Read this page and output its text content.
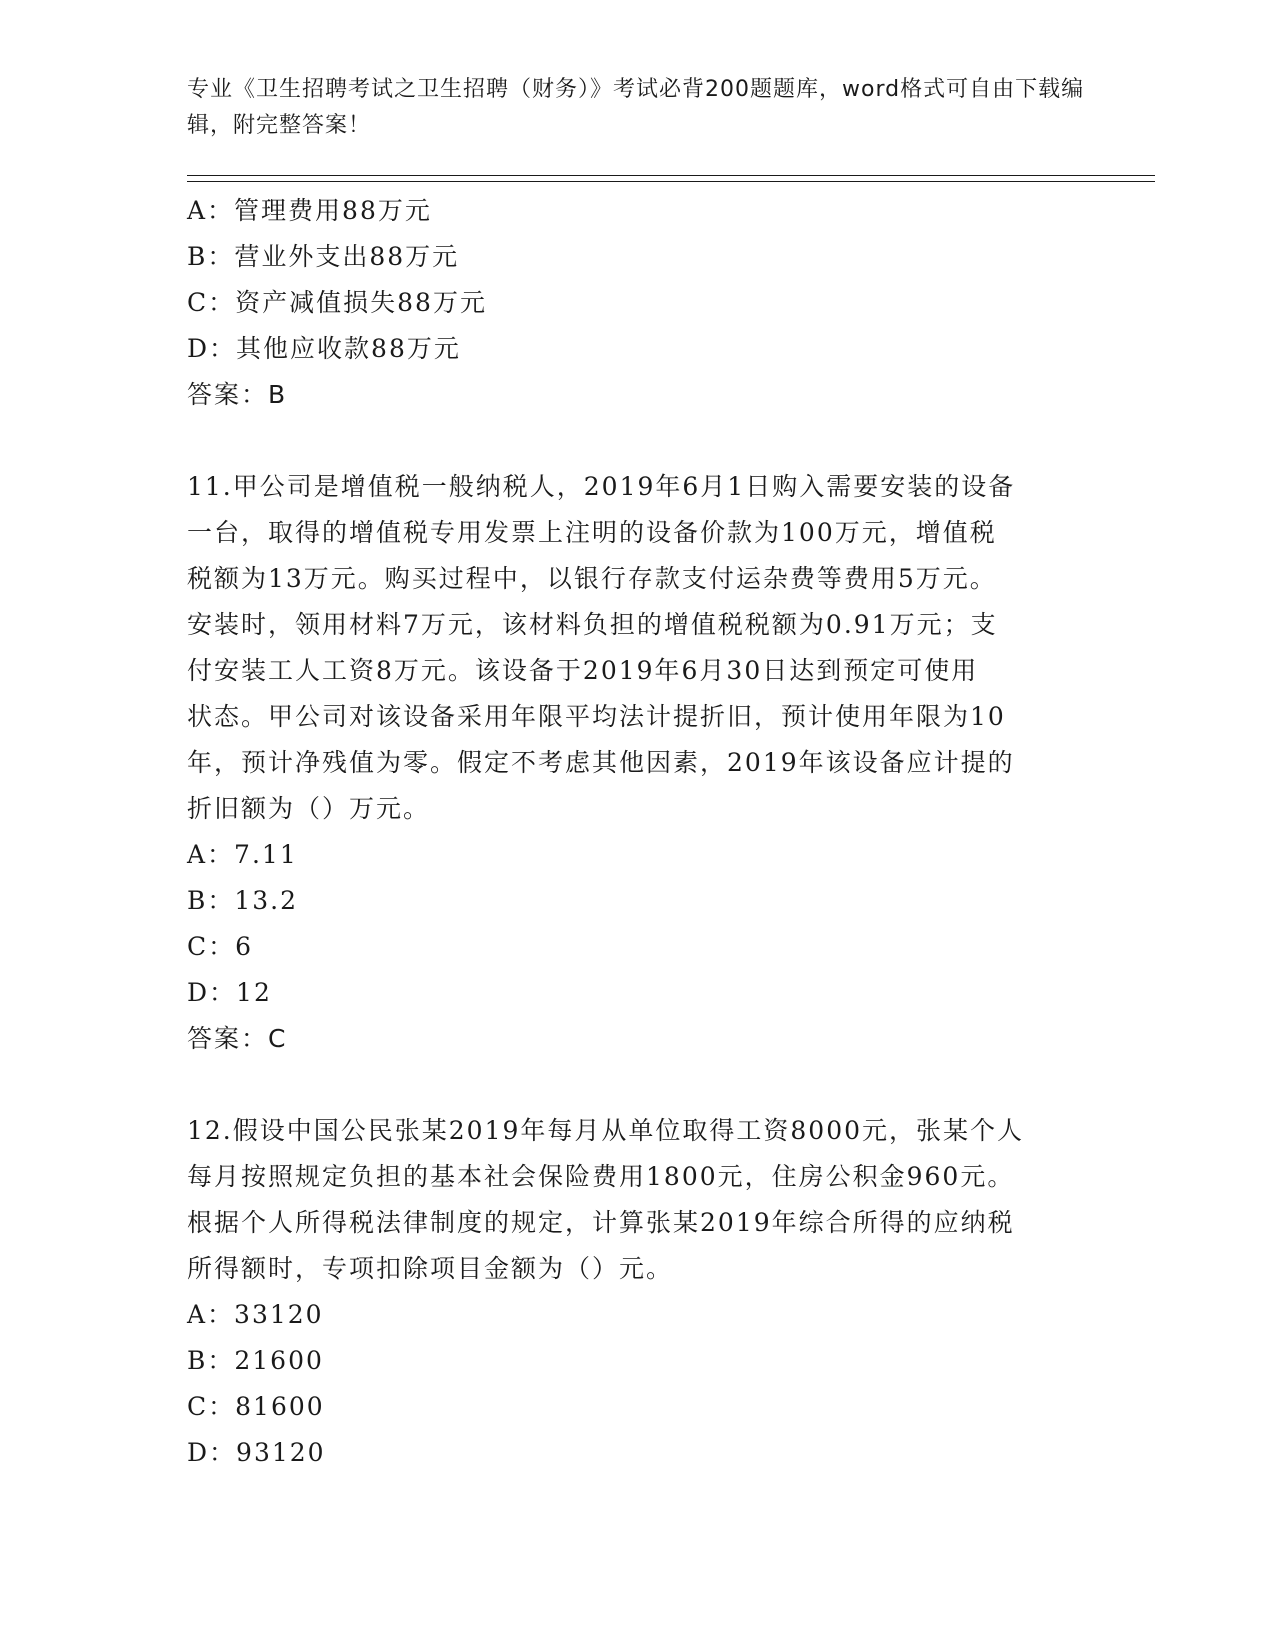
专业《卫生招聘考试之卫生招聘（财务）》考试必背200题题库，word格式可自由下载编辑，附完整答案！

A：管理费用88万元

B：营业外支出88万元

C：资产减值损失88万元

D：其他应收款88万元

答案：B

11.甲公司是增值税一般纳税人，2019年6月1日购入需要安装的设备

一台，取得的增值税专用发票上注明的设备价款为100万元，增值税

税额为13万元。购买过程中，以银行存款支付运杂费等费用5万元。

安装时，领用材料7万元，该材料负担的增值税税额为0.91万元；支

付安装工人工资8万元。该设备于2019年6月30日达到预定可使用

状态。甲公司对该设备采用年限平均法计提折旧，预计使用年限为10

年，预计净残值为零。假定不考虑其他因素，2019年该设备应计提的

折旧额为（）万元。

A：7.11

B：13.2

C：6

D：12

答案：C

12.假设中国公民张某2019年每月从单位取得工资8000元，张某个人

每月按照规定负担的基本社会保险费用1800元，住房公积金960元。

根据个人所得税法律制度的规定，计算张某2019年综合所得的应纳税

所得额时，专项扣除项目金额为（）元。

A：33120

B：21600

C：81600

D：93120
